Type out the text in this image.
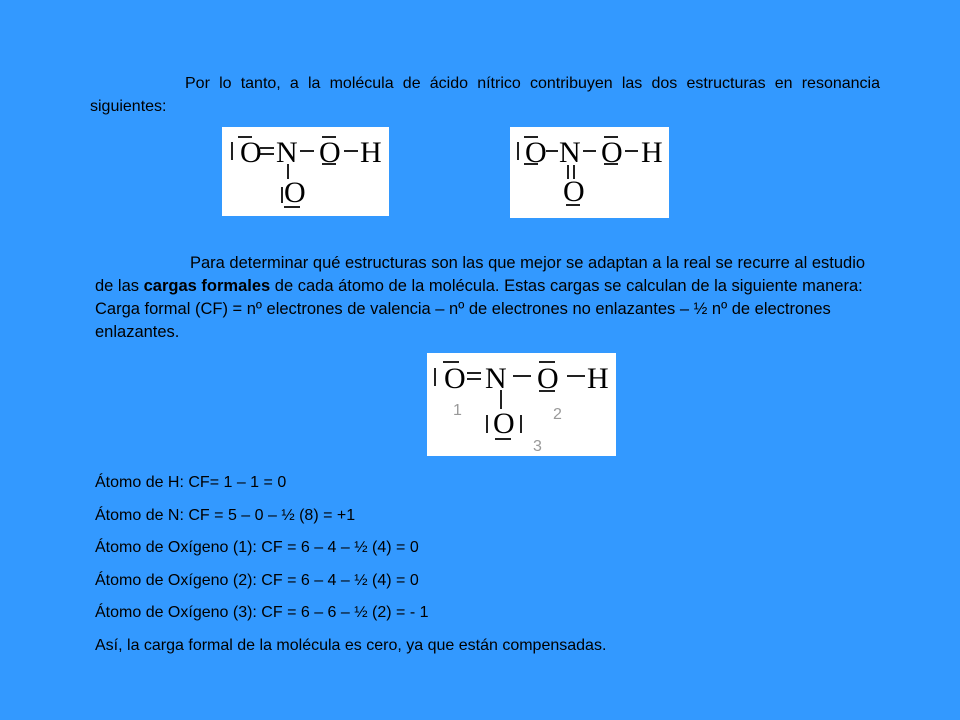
Por lo tanto, a la molécula de ácido nítrico contribuyen las dos estructuras en resonancia siguientes:
O N O H
O
O N O H
O
Para determinar qué estructuras son las que mejor se adaptan a la real se recurre al estudio de las cargas formales de cada átomo de la molécula. Estas cargas se calculan de la siguiente manera: Carga formal (CF) = nº electrones de valencia – nº de electrones no enlazantes – ½ nº de electrones enlazantes.
O N O H
O
1	2
3
Átomo de H: CF= 1 – 1 = 0
Átomo de N: CF = 5 – 0 – ½ (8) = +1
Átomo de Oxígeno (1): CF = 6 – 4 – ½ (4) = 0
Átomo de Oxígeno (2): CF = 6 – 4 – ½ (4) = 0
Átomo de Oxígeno (3): CF = 6 – 6 – ½ (2) = - 1
Así, la carga formal de la molécula es cero, ya que están compensadas.
